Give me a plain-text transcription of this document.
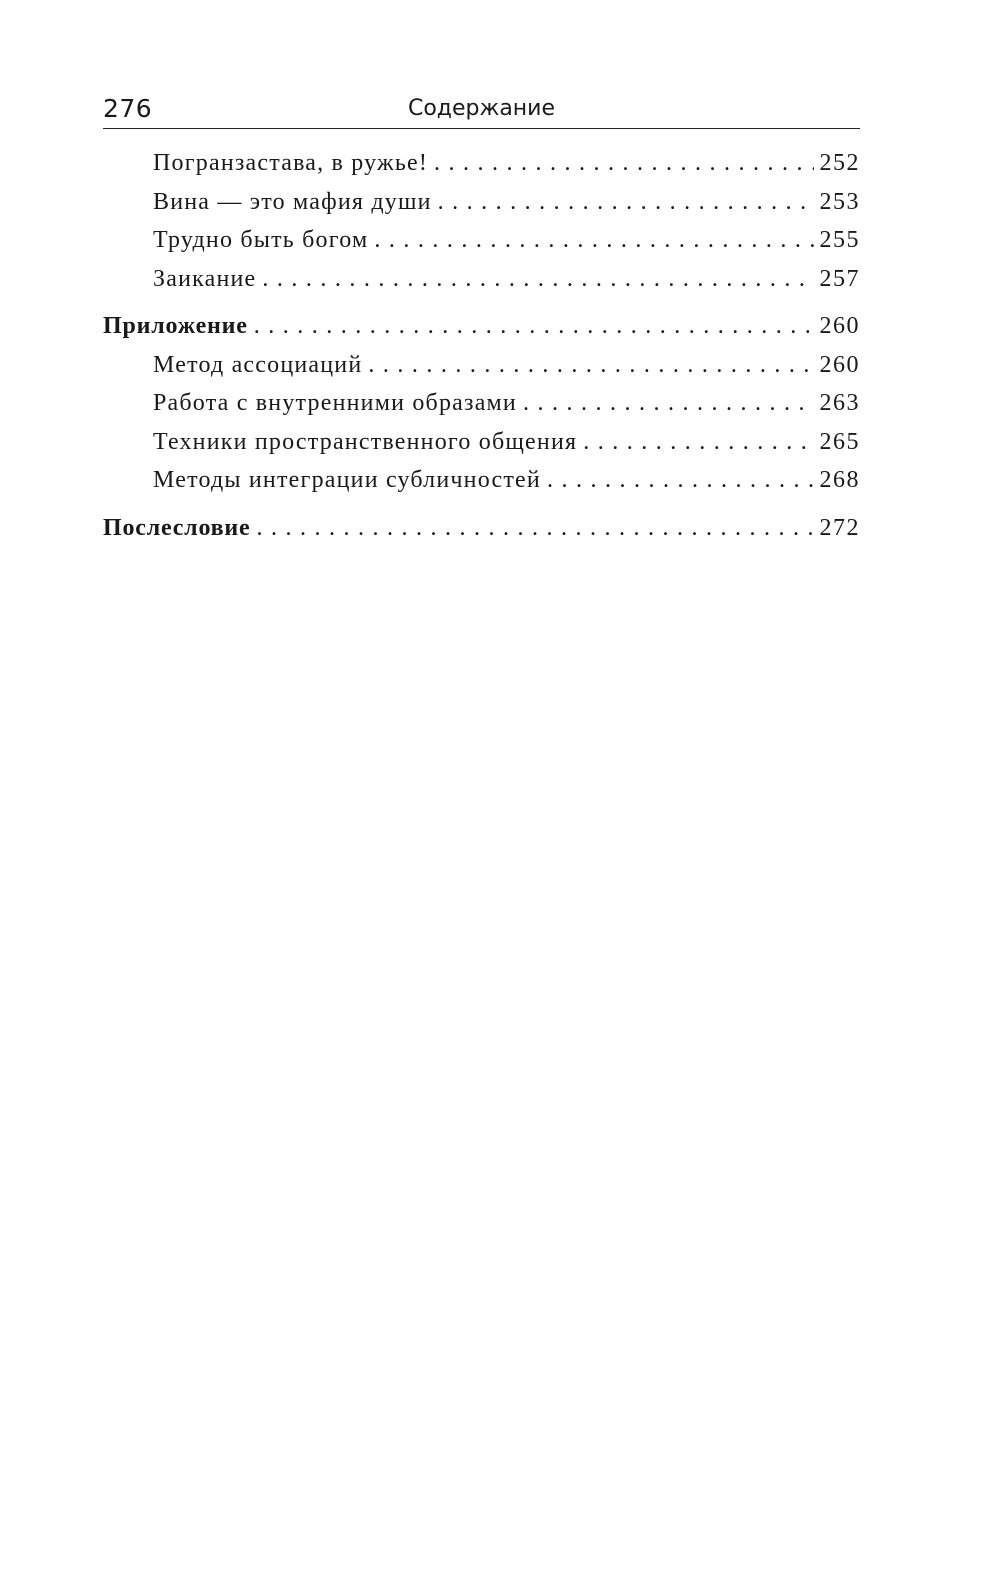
276	Содержание
Погранзастава, в ружье! . . .	252
Вина — это мафия души . . .	253
Трудно быть богом . . .	255
Заикание . . .	257
Приложение . . .	260
Метод ассоциаций . . .	260
Работа с внутренними образами . . .	263
Техники пространственного общения . . .	265
Методы интеграции субличностей . . .	268
Послесловие . . .	272
